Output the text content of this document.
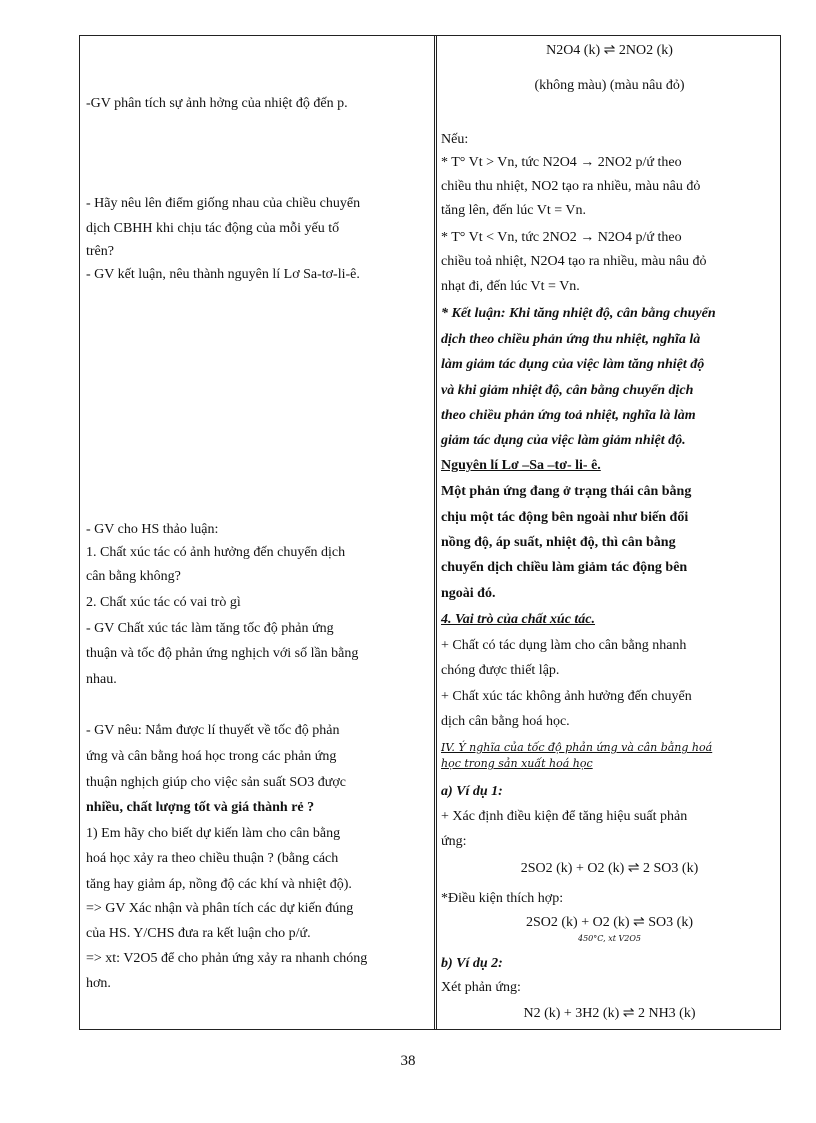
-GV phân tích sự ảnh hởng của nhiệt độ đến p.
- Hãy nêu lên điểm giống nhau của chiều chuyển
dịch CBHH khi chịu tác động của mỗi yếu tố
trên?
- GV kết luận, nêu thành nguyên lí Lơ Sa-tơ-li-ê.
- GV cho HS thảo luận:
1. Chất xúc tác có ảnh hưởng đến chuyển dịch
cân bằng không?
2. Chất xúc tác có vai trò gì
- GV Chất xúc tác làm tăng tốc độ phản ứng
thuận và tốc độ phản ứng nghịch với số lần bằng
nhau.
- GV nêu: Nắm được lí thuyết về tốc độ phản
ứng và cân bằng hoá học trong các phản ứng
thuận nghịch giúp cho việc sản suất SO3 được
nhiều, chất lượng tốt và giá thành rẻ ?
1) Em hãy cho biết dự kiến làm cho cân bằng
hoá học xảy ra theo chiều thuận ? (bằng cách
tăng hay giảm áp, nồng độ các khí và nhiệt độ).
=> GV Xác nhận và phân tích các dự kiến đúng
của HS. Y/CHS đưa ra kết luận cho p/ứ.
=> xt: V2O5 để cho phản ứng xảy ra nhanh chóng
hơn.
N2O4 (k) ⇌ 2NO2 (k)
(không màu) (màu nâu đỏ)
Nếu:
* T° Vt > Vn, tức N2O4 → 2NO2 p/ứ theo
chiều thu nhiệt, NO2 tạo ra nhiều, màu nâu đỏ
tăng lên, đến lúc Vt = Vn.
* T° Vt < Vn, tức 2NO2 → N2O4 p/ứ theo
chiều toả nhiệt, N2O4 tạo ra nhiều, màu nâu đỏ
nhạt đi, đến lúc Vt = Vn.
* Kết luận: Khi tăng nhiệt độ, cân bằng chuyển
dịch theo chiều phản ứng thu nhiệt, nghĩa là
làm giảm tác dụng của việc làm tăng nhiệt độ
và khi giảm nhiệt độ, cân bằng chuyển dịch
theo chiều phản ứng toả nhiệt, nghĩa là làm
giảm tác dụng của việc làm giảm nhiệt độ.
Nguyên lí Lơ –Sa –tơ- li- ê.
Một phản ứng đang ở trạng thái cân bằng
chịu một tác động bên ngoài như biến đổi
nồng độ, áp suất, nhiệt độ, thì cân bằng
chuyển dịch chiều làm giảm tác động bên
ngoài đó.
4. Vai trò của chất xúc tác.
+ Chất có tác dụng làm cho cân bằng nhanh
chóng được thiết lập.
+ Chất xúc tác không ảnh hưởng đến chuyển
dịch cân bằng hoá học.
IV. Ý nghĩa của tốc độ phản ứng và cân bằng hoá
học trong sản xuất hoá học
a) Ví dụ 1:
+ Xác định điều kiện để tăng hiệu suất phản
ứng:
2SO2 (k) + O2 (k) ⇌ 2 SO3 (k)
*Điều kiện thích hợp:
2SO2 (k) + O2 (k) ⇌ SO3 (k)
450°C, xt V2O5
b) Ví dụ 2:
Xét phản ứng:
N2 (k) + 3H2 (k) ⇌ 2 NH3 (k)
38
